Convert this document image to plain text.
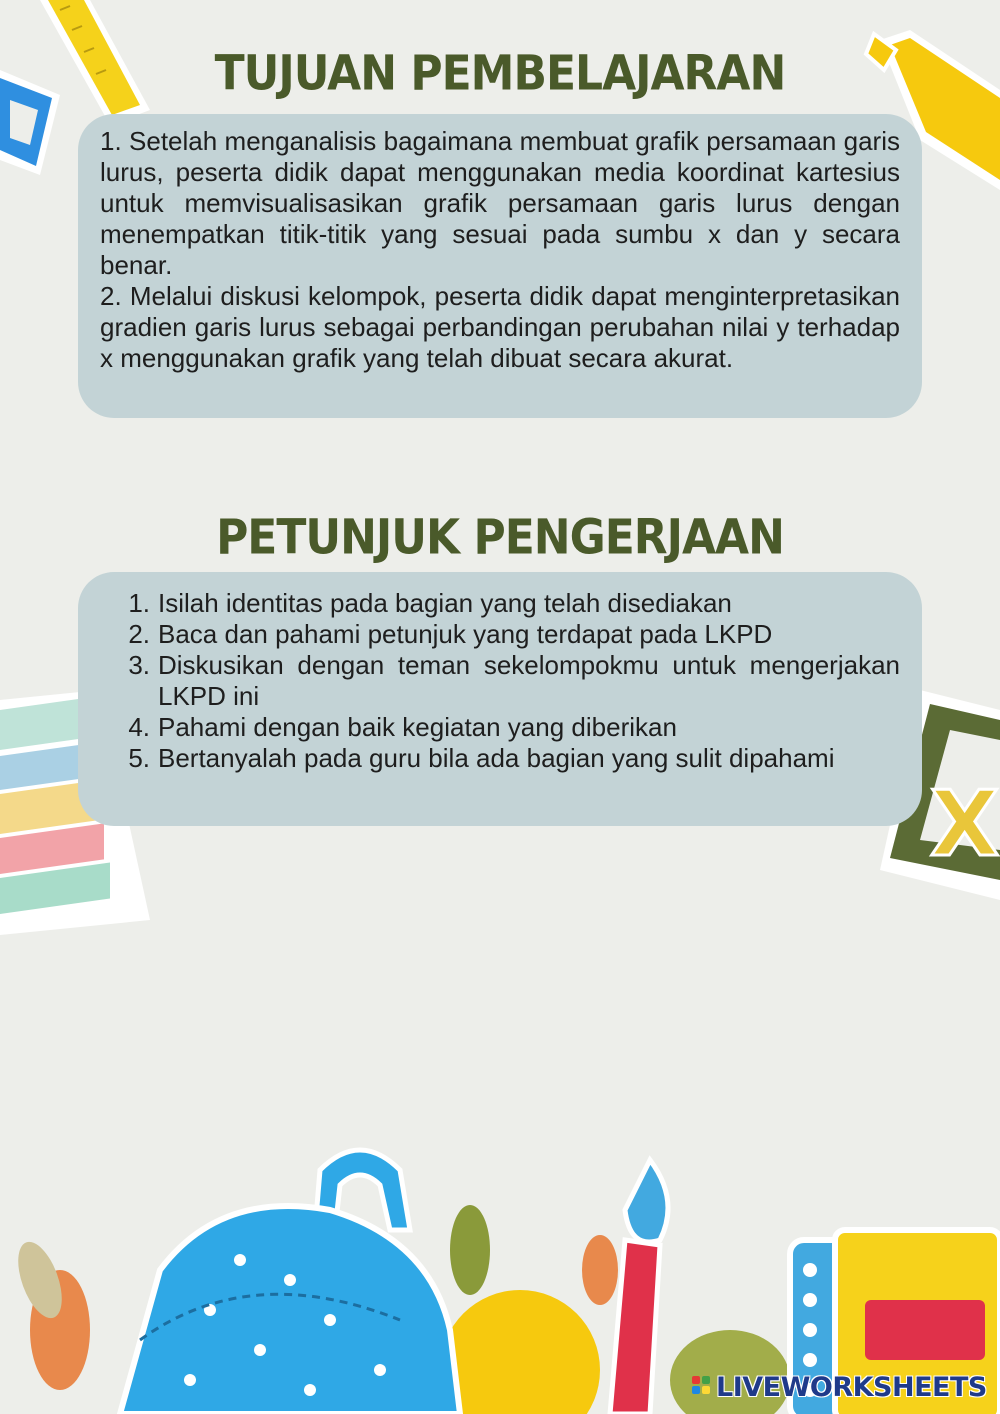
X
TUJUAN PEMBELAJARAN

1. Setelah menganalisis bagaimana membuat grafik persamaan garis lurus, peserta didik dapat menggunakan media koordinat kartesius untuk memvisualisasikan grafik persamaan garis lurus dengan menempatkan titik-titik yang sesuai pada sumbu x dan y secara benar.

2. Melalui diskusi kelompok, peserta didik dapat menginterpretasikan gradien garis lurus sebagai perbandingan perubahan nilai y terhadap x menggunakan grafik yang telah dibuat secara akurat.

PETUNJUK PENGERJAAN
1. Isilah identitas pada bagian yang telah disediakan
2. Baca dan pahami petunjuk yang terdapat pada LKPD
3. Diskusikan dengan teman sekelompokmu untuk mengerjakan LKPD ini
4. Pahami dengan baik kegiatan yang diberikan
5. Bertanyalah pada guru bila ada bagian yang sulit dipahami
LIVEWORKSHEETS
